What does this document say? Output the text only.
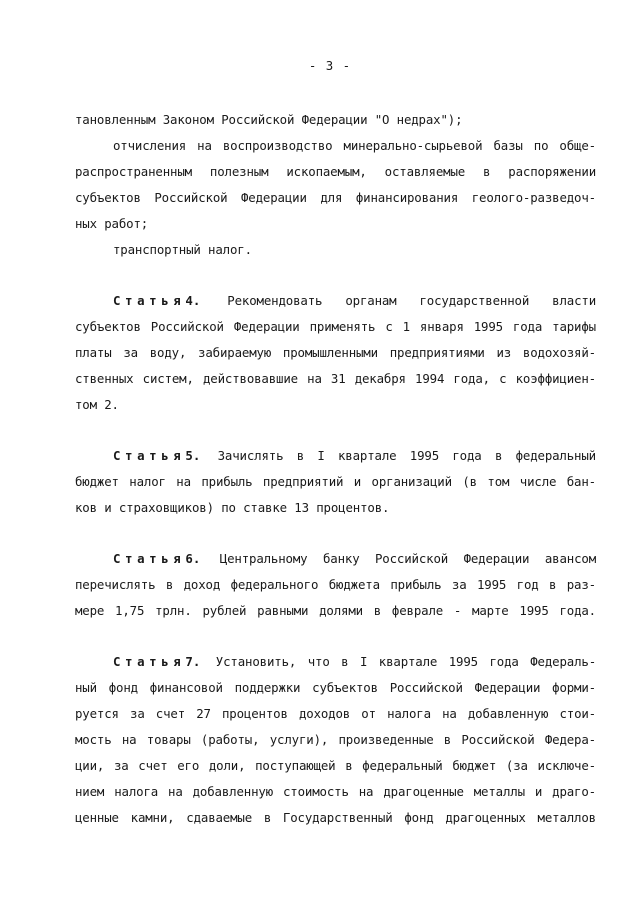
- 3 -
тановленным Законом Российской Федерации "О недрах");
отчисления на воспроизводство минерально-сырьевой базы по обще-
распространенным полезным ископаемым, оставляемые в распоряжении
субъектов Российской Федерации для финансирования геолого-разведоч-
ных работ;
транспортный налог.
Статья4. Рекомендовать органам государственной власти
субъектов Российской Федерации применять с 1 января 1995 года тарифы
платы за воду, забираемую промышленными предприятиями из водохозяй-
ственных систем, действовавшие на 31 декабря 1994 года, с коэффициен-
том 2.
Статья5. Зачислять в I квартале 1995 года в федеральный
бюджет налог на прибыль предприятий и организаций (в том числе бан-
ков и страховщиков) по ставке 13 процентов.
Статья6. Центральному банку Российской Федерации авансом
перечислять в доход федерального бюджета прибыль за 1995 год в раз-
мере 1,75 трлн. рублей равными долями в феврале - марте 1995 года.
Статья7. Установить, что в I квартале 1995 года Федераль-
ный фонд финансовой поддержки субъектов Российской Федерации форми-
руется за счет 27 процентов доходов от налога на добавленную стои-
мость на товары (работы, услуги), произведенные в Российской Федера-
ции, за счет его доли, поступающей в федеральный бюджет (за исключе-
нием налога на добавленную стоимость на драгоценные металлы и драго-
ценные камни, сдаваемые в Государственный фонд драгоценных металлов
